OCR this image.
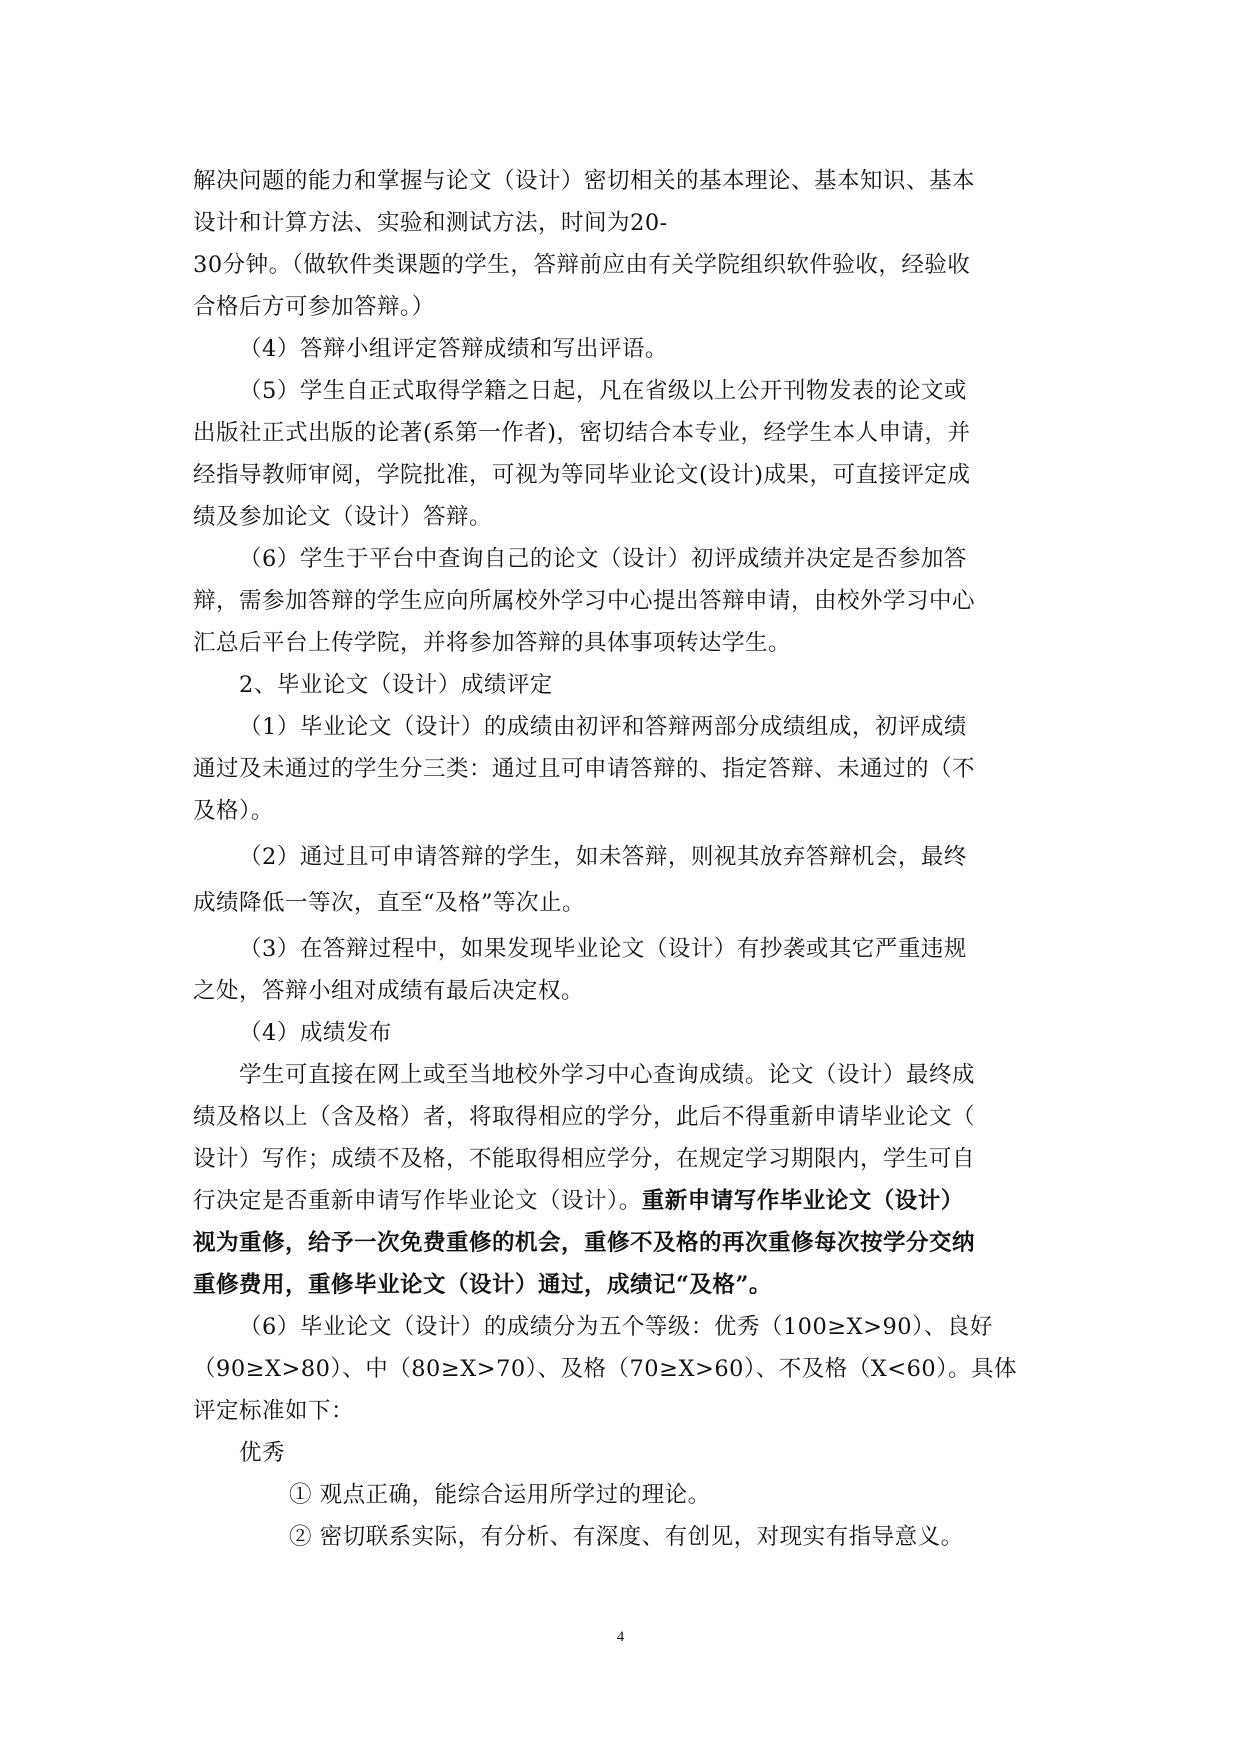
解决问题的能力和掌握与论文（设计）密切相关的基本理论、基本知识、基本
设计和计算方法、实验和测试方法，时间为20-
30分钟。（做软件类课题的学生，答辩前应由有关学院组织软件验收，经验收
合格后方可参加答辩。）
（4）答辩小组评定答辩成绩和写出评语。
（5）学生自正式取得学籍之日起，凡在省级以上公开刊物发表的论文或
出版社正式出版的论著(系第一作者)，密切结合本专业，经学生本人申请，并
经指导教师审阅，学院批准，可视为等同毕业论文(设计)成果，可直接评定成
绩及参加论文（设计）答辩。
（6）学生于平台中查询自己的论文（设计）初评成绩并决定是否参加答
辩，需参加答辩的学生应向所属校外学习中心提出答辩申请，由校外学习中心
汇总后平台上传学院，并将参加答辩的具体事项转达学生。
2、毕业论文（设计）成绩评定
（1）毕业论文（设计）的成绩由初评和答辩两部分成绩组成，初评成绩
通过及未通过的学生分三类：通过且可申请答辩的、指定答辩、未通过的（不
及格）。
（2）通过且可申请答辩的学生，如未答辩，则视其放弃答辩机会，最终
成绩降低一等次，直至“及格”等次止。
（3）在答辩过程中，如果发现毕业论文（设计）有抄袭或其它严重违规
之处，答辩小组对成绩有最后决定权。
（4）成绩发布
学生可直接在网上或至当地校外学习中心查询成绩。论文（设计）最终成
绩及格以上（含及格）者，将取得相应的学分，此后不得重新申请毕业论文（
设计）写作；成绩不及格，不能取得相应学分，在规定学习期限内，学生可自
行决定是否重新申请写作毕业论文（设计）。重新申请写作毕业论文（设计）
视为重修，给予一次免费重修的机会，重修不及格的再次重修每次按学分交纳
重修费用，重修毕业论文（设计）通过，成绩记“及格”。
（6）毕业论文（设计）的成绩分为五个等级：优秀（100≥X>90）、良好
（90≥X>80）、中（80≥X>70）、及格（70≥X>60）、不及格（X<60）。具体
评定标准如下：
优秀
① 观点正确，能综合运用所学过的理论。
② 密切联系实际，有分析、有深度、有创见，对现实有指导意义。
4
